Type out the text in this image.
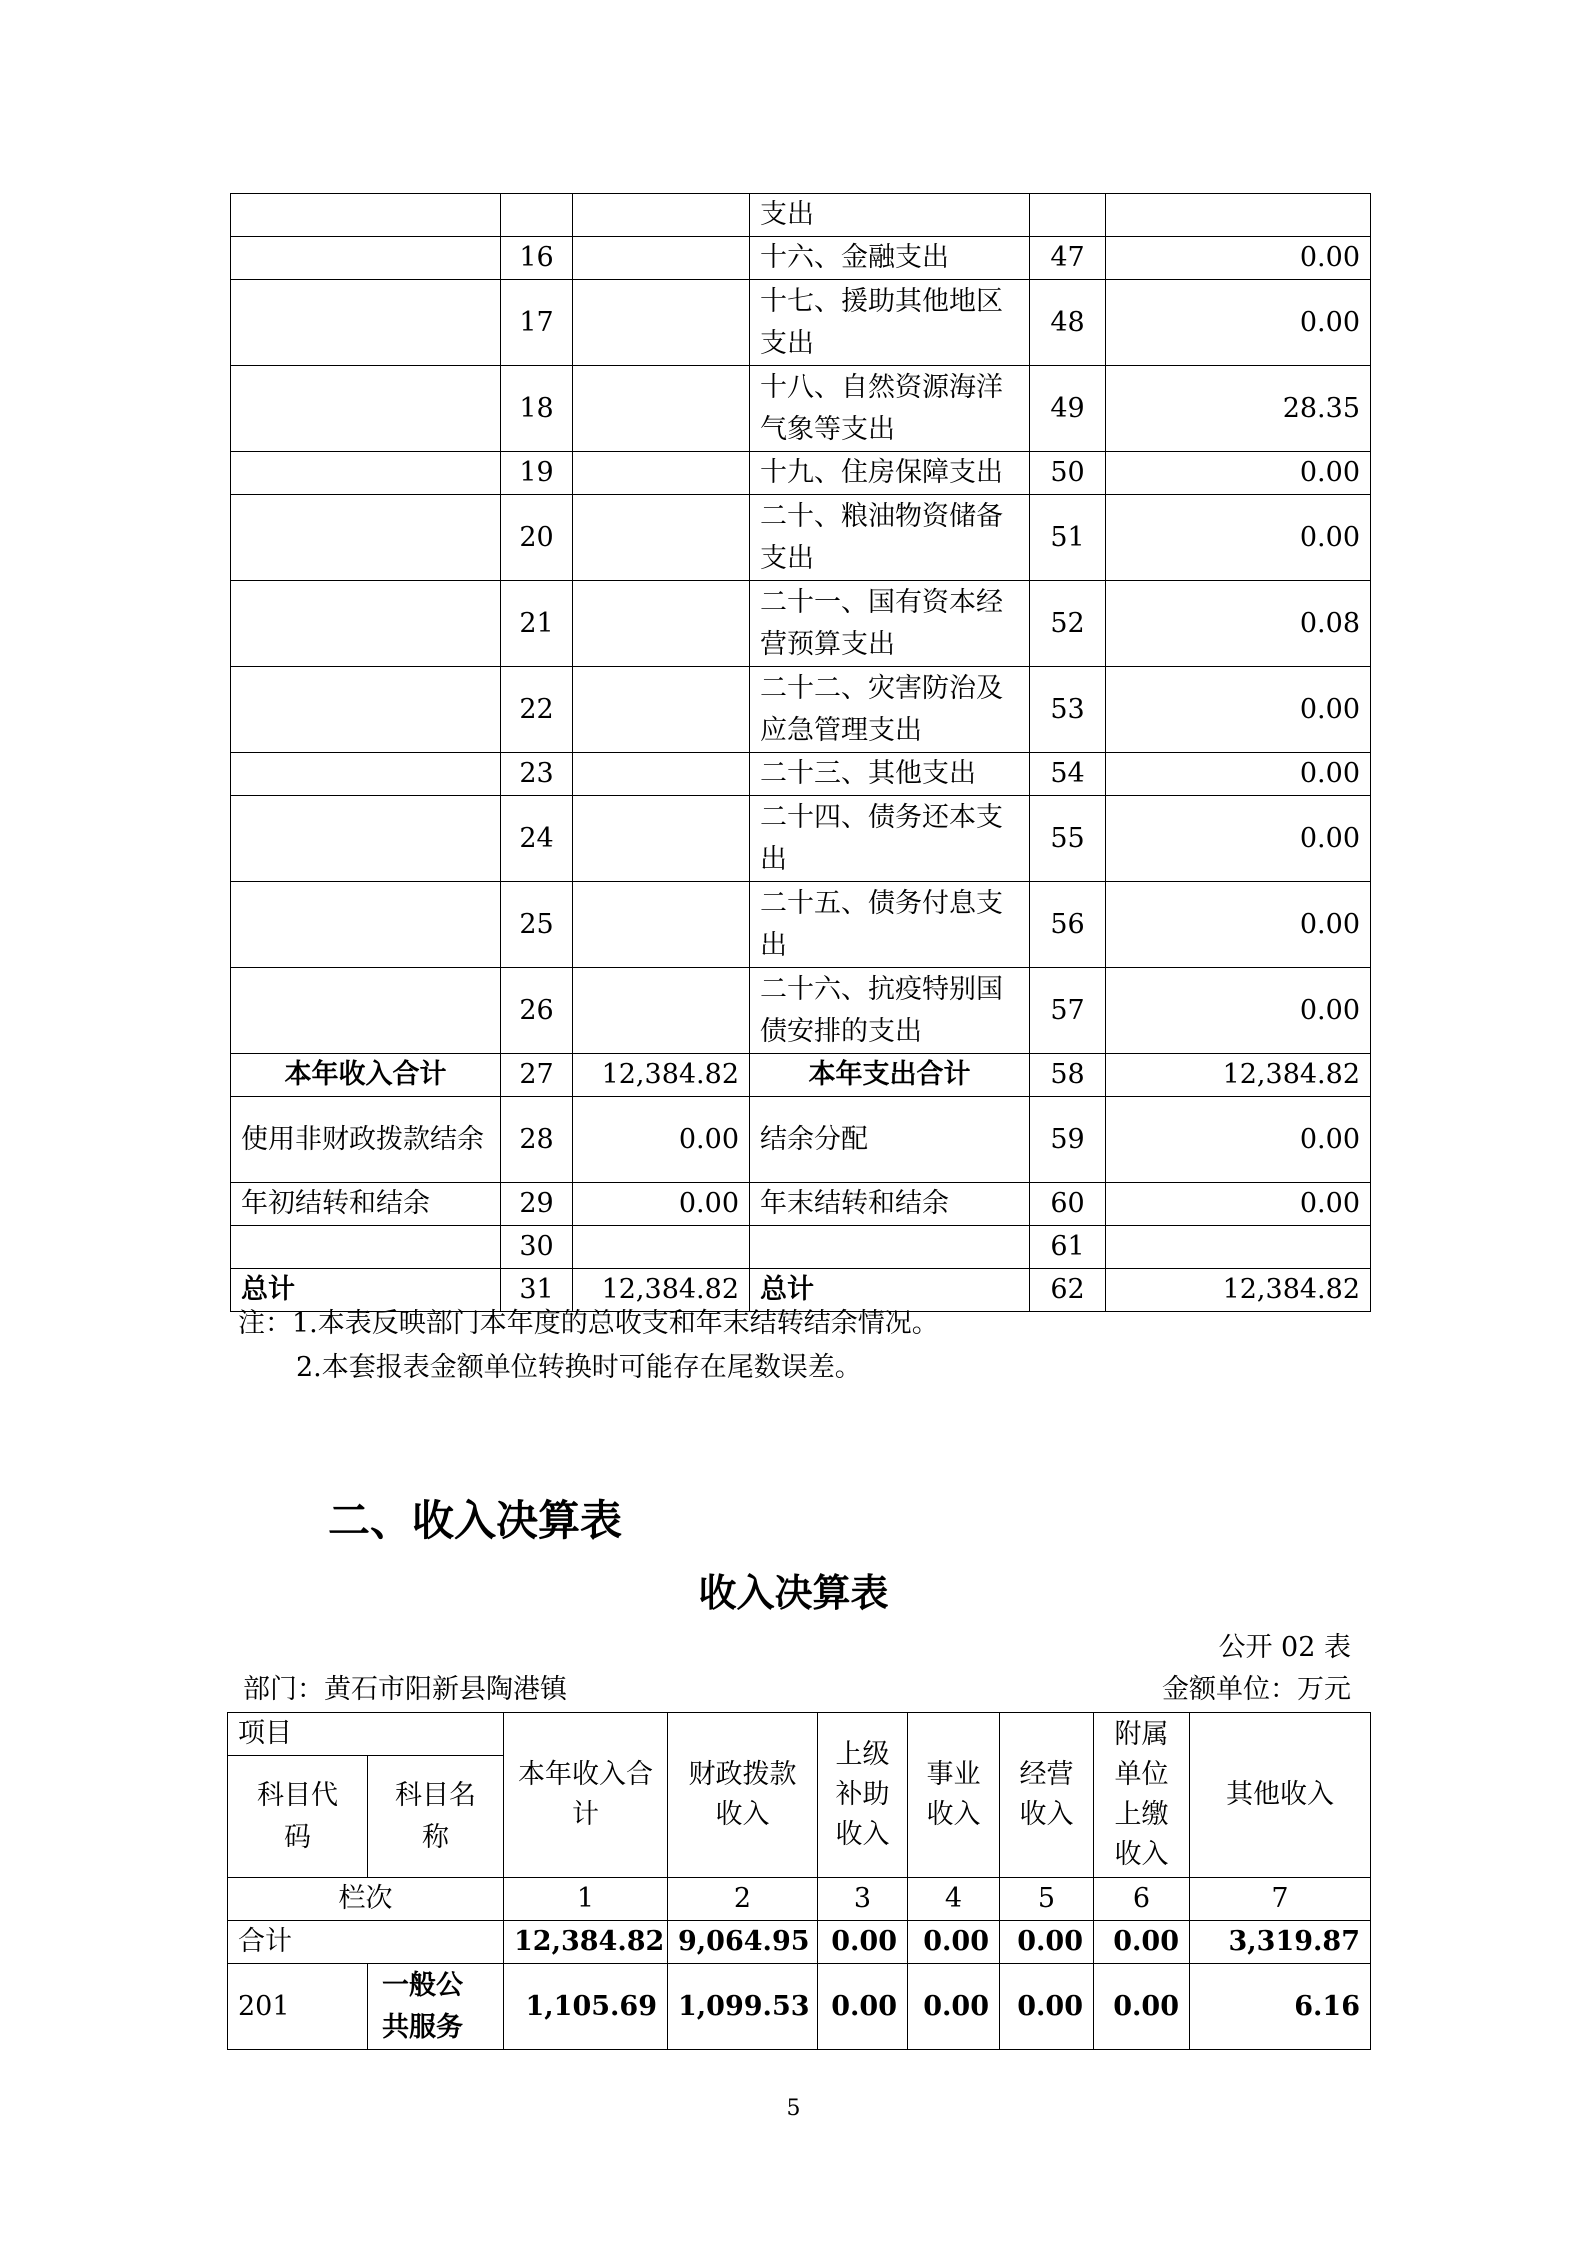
			支出		
	16		十六、金融支出	47	0.00
	17		十七、援助其他地区支出	48	0.00
	18		十八、自然资源海洋气象等支出	49	28.35
	19		十九、住房保障支出	50	0.00
	20		二十、粮油物资储备支出	51	0.00
	21		二十一、国有资本经营预算支出	52	0.08
	22		二十二、灾害防治及应急管理支出	53	0.00
	23		二十三、其他支出	54	0.00
	24		二十四、债务还本支出	55	0.00
	25		二十五、债务付息支出	56	0.00
	26		二十六、抗疫特别国债安排的支出	57	0.00
本年收入合计	27	12,384.82	本年支出合计	58	12,384.82
使用非财政拨款结余	28	0.00	结余分配	59	0.00
年初结转和结余	29	0.00	年末结转和结余	60	0.00
	30			61	
总计	31	12,384.82	总计	62	12,384.82
注：1.本表反映部门本年度的总收支和年末结转结余情况。
2.本套报表金额单位转换时可能存在尾数误差。
二、收入决算表
收入决算表
公开 02 表
部门：黄石市阳新县陶港镇	金额单位：万元
项目		本年收入合计	财政拨款收入	上级补助收入	事业收入	经营收入	附属单位上缴收入	其他收入
科目代码	科目名称							
栏次		1	2	3	4	5	6	7
合计		12,384.82	9,064.95	0.00	0.00	0.00	0.00	3,319.87
201	一般公共服务	1,105.69	1,099.53	0.00	0.00	0.00	0.00	6.16
5
